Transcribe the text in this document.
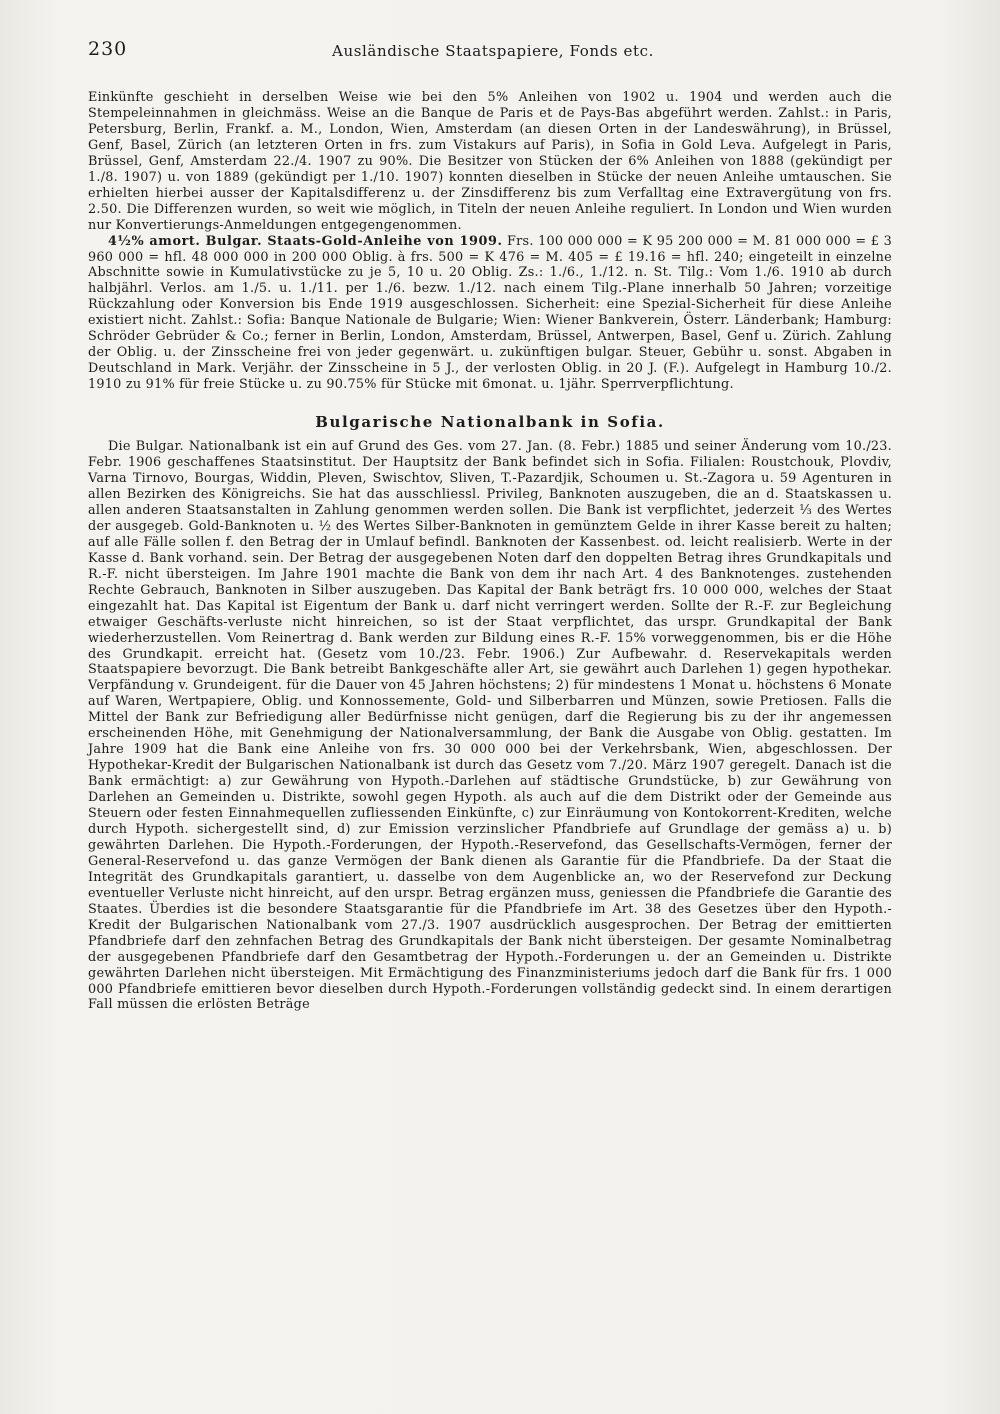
230	Ausländische Staatspapiere, Fonds etc.

Einkünfte geschieht in derselben Weise wie bei den 5% Anleihen von 1902 u. 1904 und werden auch die Stempeleinnahmen in gleichmäss. Weise an die Banque de Paris et de Pays-Bas abgeführt werden. Zahlst.: in Paris, Petersburg, Berlin, Frankf. a. M., London, Wien, Amsterdam (an diesen Orten in der Landeswährung), in Brüssel, Genf, Basel, Zürich (an letzteren Orten in frs. zum Vistakurs auf Paris), in Sofia in Gold Leva. Aufgelegt in Paris, Brüssel, Genf, Amsterdam 22./4. 1907 zu 90%. Die Besitzer von Stücken der 6% Anleihen von 1888 (gekündigt per 1./8. 1907) u. von 1889 (gekündigt per 1./10. 1907) konnten dieselben in Stücke der neuen Anleihe umtauschen. Sie erhielten hierbei ausser der Kapitalsdifferenz u. der Zinsdifferenz bis zum Verfalltag eine Extravergütung von frs. 2.50. Die Differenzen wurden, so weit wie möglich, in Titeln der neuen Anleihe reguliert. In London und Wien wurden nur Konvertierungs-Anmeldungen entgegengenommen.

4½% amort. Bulgar. Staats-Gold-Anleihe von 1909. Frs. 100 000 000 = K 95 200 000 = M. 81 000 000 = £ 3 960 000 = hfl. 48 000 000 in 200 000 Oblig. à frs. 500 = K 476 = M. 405 = £ 19.16 = hfl. 240; eingeteilt in einzelne Abschnitte sowie in Kumulativstücke zu je 5, 10 u. 20 Oblig. Zs.: 1./6., 1./12. n. St. Tilg.: Vom 1./6. 1910 ab durch halbjährl. Verlos. am 1./5. u. 1./11. per 1./6. bezw. 1./12. nach einem Tilg.-Plane innerhalb 50 Jahren; vorzeitige Rückzahlung oder Konversion bis Ende 1919 ausgeschlossen. Sicherheit: eine Spezial-Sicherheit für diese Anleihe existiert nicht. Zahlst.: Sofia: Banque Nationale de Bulgarie; Wien: Wiener Bankverein, Österr. Länderbank; Hamburg: Schröder Gebrüder & Co.; ferner in Berlin, London, Amsterdam, Brüssel, Antwerpen, Basel, Genf u. Zürich. Zahlung der Oblig. u. der Zinsscheine frei von jeder gegenwärt. u. zukünftigen bulgar. Steuer, Gebühr u. sonst. Abgaben in Deutschland in Mark. Verjähr. der Zinsscheine in 5 J., der verlosten Oblig. in 20 J. (F.). Aufgelegt in Hamburg 10./2. 1910 zu 91% für freie Stücke u. zu 90.75% für Stücke mit 6monat. u. 1jähr. Sperrverpflichtung.

Bulgarische Nationalbank in Sofia.

Die Bulgar. Nationalbank ist ein auf Grund des Ges. vom 27. Jan. (8. Febr.) 1885 und seiner Änderung vom 10./23. Febr. 1906 geschaffenes Staatsinstitut. Der Hauptsitz der Bank befindet sich in Sofia. Filialen: Roustchouk, Plovdiv, Varna Tirnovo, Bourgas, Widdin, Pleven, Swischtov, Sliven, T.-Pazardjik, Schoumen u. St.-Zagora u. 59 Agenturen in allen Bezirken des Königreichs. Sie hat das ausschliessl. Privileg, Banknoten auszugeben, die an d. Staatskassen u. allen anderen Staatsanstalten in Zahlung genommen werden sollen. Die Bank ist verpflichtet, jederzeit ⅓ des Wertes der ausgegeb. Gold-Banknoten u. ½ des Wertes Silber-Banknoten in gemünztem Gelde in ihrer Kasse bereit zu halten; auf alle Fälle sollen f. den Betrag der in Umlauf befindl. Banknoten der Kassenbest. od. leicht realisierb. Werte in der Kasse d. Bank vorhand. sein. Der Betrag der ausgegebenen Noten darf den doppelten Betrag ihres Grundkapitals und R.-F. nicht übersteigen. Im Jahre 1901 machte die Bank von dem ihr nach Art. 4 des Banknotenges. zustehenden Rechte Gebrauch, Banknoten in Silber auszugeben. Das Kapital der Bank beträgt frs. 10 000 000, welches der Staat eingezahlt hat. Das Kapital ist Eigentum der Bank u. darf nicht verringert werden. Sollte der R.-F. zur Begleichung etwaiger Geschäfts-verluste nicht hinreichen, so ist der Staat verpflichtet, das urspr. Grundkapital der Bank wiederherzustellen. Vom Reinertrag d. Bank werden zur Bildung eines R.-F. 15% vorweggenommen, bis er die Höhe des Grundkapit. erreicht hat. (Gesetz vom 10./23. Febr. 1906.) Zur Aufbewahr. d. Reservekapitals werden Staatspapiere bevorzugt. Die Bank betreibt Bankgeschäfte aller Art, sie gewährt auch Darlehen 1) gegen hypothekar. Verpfändung v. Grundeigent. für die Dauer von 45 Jahren höchstens; 2) für mindestens 1 Monat u. höchstens 6 Monate auf Waren, Wertpapiere, Oblig. und Konnossemente, Gold- und Silberbarren und Münzen, sowie Pretiosen. Falls die Mittel der Bank zur Befriedigung aller Bedürfnisse nicht genügen, darf die Regierung bis zu der ihr angemessen erscheinenden Höhe, mit Genehmigung der Nationalversammlung, der Bank die Ausgabe von Oblig. gestatten. Im Jahre 1909 hat die Bank eine Anleihe von frs. 30 000 000 bei der Verkehrsbank, Wien, abgeschlossen. Der Hypothekar-Kredit der Bulgarischen Nationalbank ist durch das Gesetz vom 7./20. März 1907 geregelt. Danach ist die Bank ermächtigt: a) zur Gewährung von Hypoth.-Darlehen auf städtische Grundstücke, b) zur Gewährung von Darlehen an Gemeinden u. Distrikte, sowohl gegen Hypoth. als auch auf die dem Distrikt oder der Gemeinde aus Steuern oder festen Einnahmequellen zufliessenden Einkünfte, c) zur Einräumung von Kontokorrent-Krediten, welche durch Hypoth. sichergestellt sind, d) zur Emission verzinslicher Pfandbriefe auf Grundlage der gemäss a) u. b) gewährten Darlehen. Die Hypoth.-Forderungen, der Hypoth.-Reservefond, das Gesellschafts-Vermögen, ferner der General-Reservefond u. das ganze Vermögen der Bank dienen als Garantie für die Pfandbriefe. Da der Staat die Integrität des Grundkapitals garantiert, u. dasselbe von dem Augenblicke an, wo der Reservefond zur Deckung eventueller Verluste nicht hinreicht, auf den urspr. Betrag ergänzen muss, geniessen die Pfandbriefe die Garantie des Staates. Überdies ist die besondere Staatsgarantie für die Pfandbriefe im Art. 38 des Gesetzes über den Hypoth.-Kredit der Bulgarischen Nationalbank vom 27./3. 1907 ausdrücklich ausgesprochen. Der Betrag der emittierten Pfandbriefe darf den zehnfachen Betrag des Grundkapitals der Bank nicht übersteigen. Der gesamte Nominalbetrag der ausgegebenen Pfandbriefe darf den Gesamtbetrag der Hypoth.-Forderungen u. der an Gemeinden u. Distrikte gewährten Darlehen nicht übersteigen. Mit Ermächtigung des Finanzministeriums jedoch darf die Bank für frs. 1 000 000 Pfandbriefe emittieren bevor dieselben durch Hypoth.-Forderungen vollständig gedeckt sind. In einem derartigen Fall müssen die erlösten Beträge
